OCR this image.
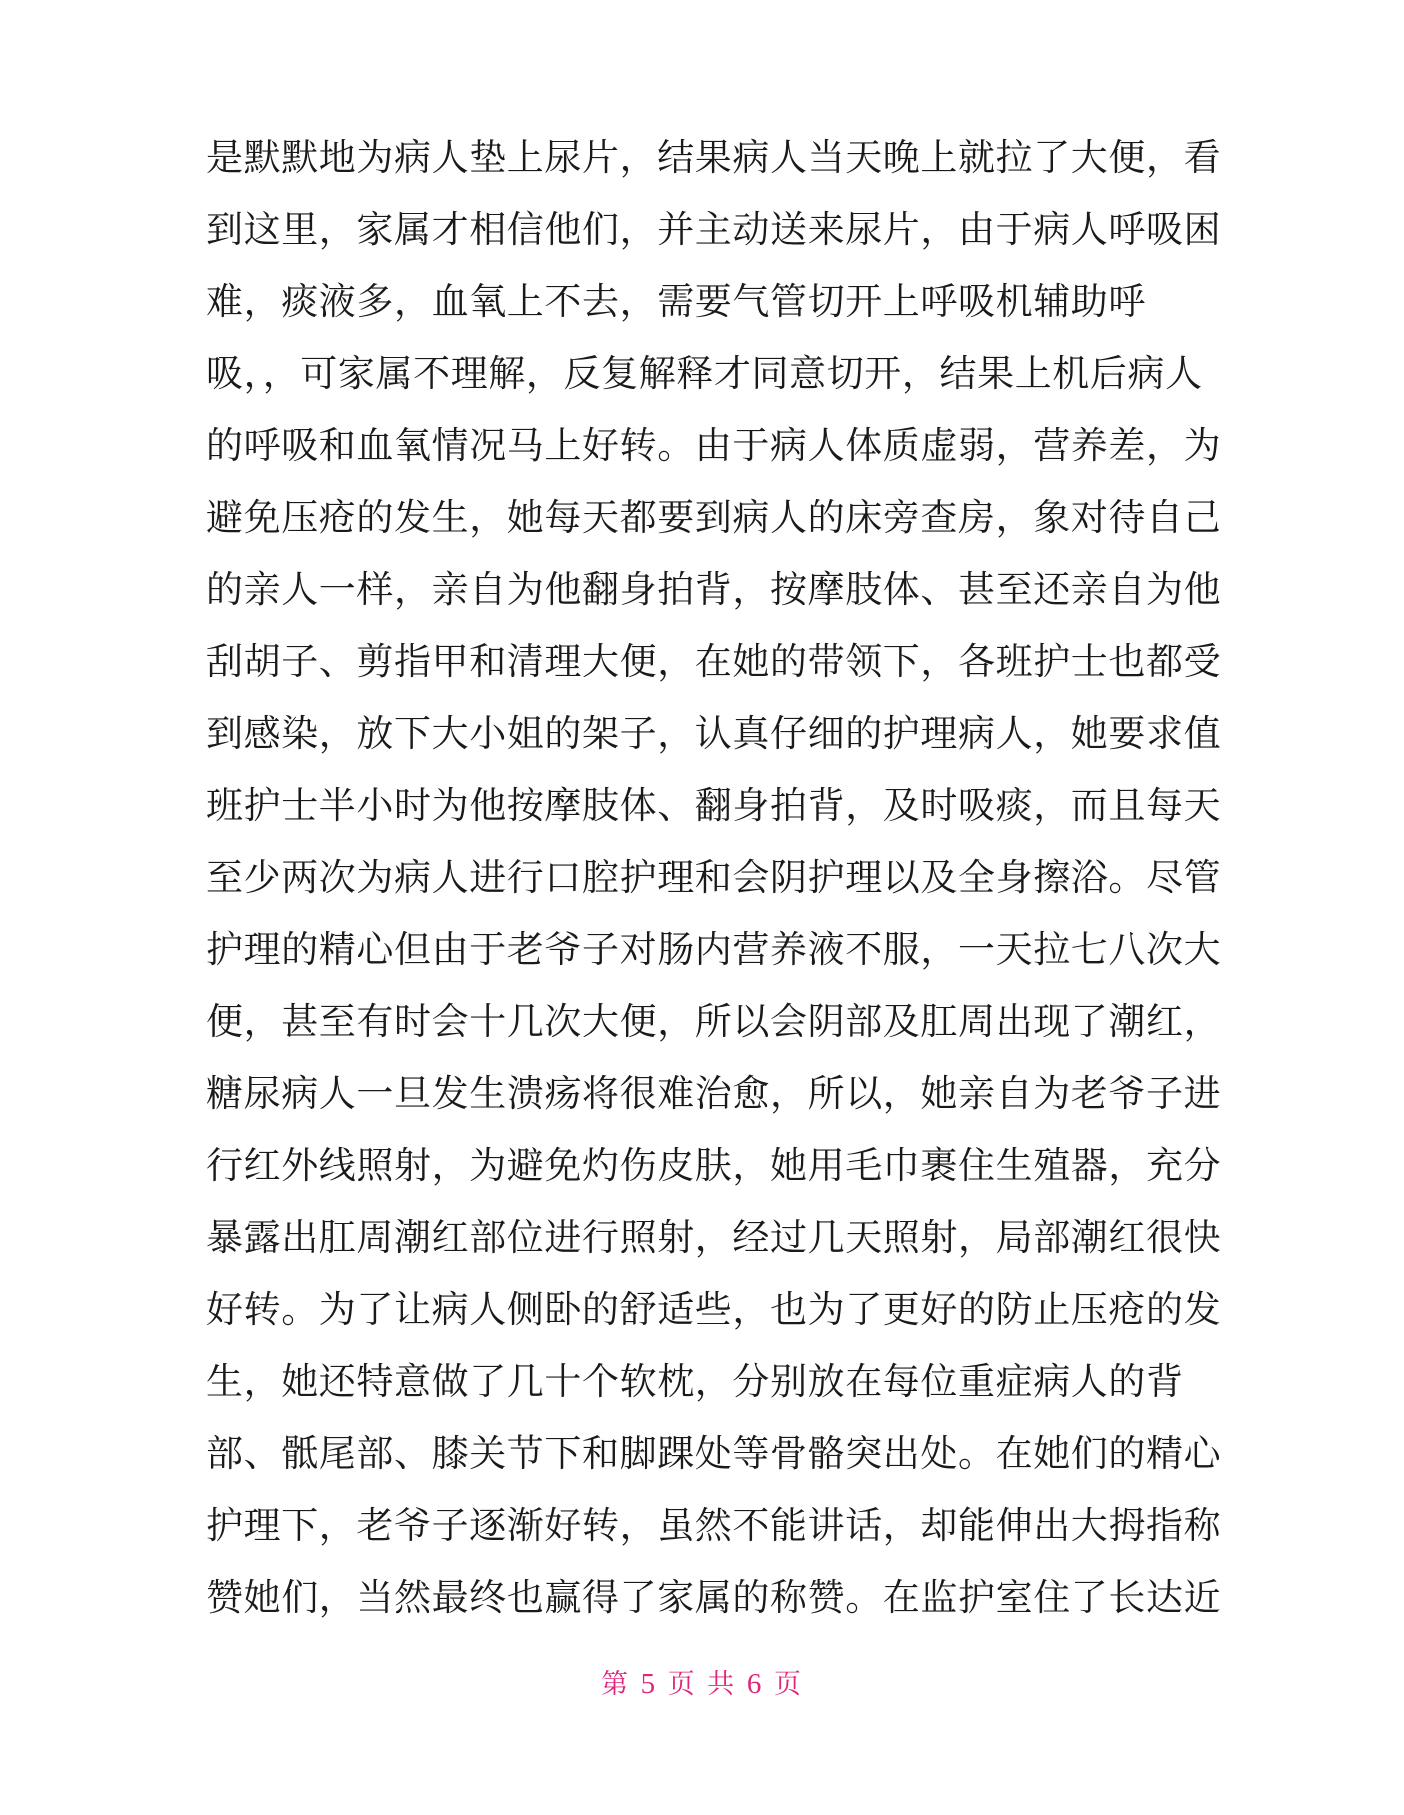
是默默地为病人垫上尿片，结果病人当天晚上就拉了大便，看
到这里，家属才相信他们，并主动送来尿片，由于病人呼吸困
难，痰液多，血氧上不去，需要气管切开上呼吸机辅助呼
吸，，可家属不理解，反复解释才同意切开，结果上机后病人
的呼吸和血氧情况马上好转。由于病人体质虚弱，营养差，为
避免压疮的发生，她每天都要到病人的床旁查房，象对待自己
的亲人一样，亲自为他翻身拍背，按摩肢体、甚至还亲自为他
刮胡子、剪指甲和清理大便，在她的带领下，各班护士也都受
到感染，放下大小姐的架子，认真仔细的护理病人，她要求值
班护士半小时为他按摩肢体、翻身拍背，及时吸痰，而且每天
至少两次为病人进行口腔护理和会阴护理以及全身擦浴。尽管
护理的精心但由于老爷子对肠内营养液不服，一天拉七八次大
便，甚至有时会十几次大便，所以会阴部及肛周出现了潮红，
糖尿病人一旦发生溃疡将很难治愈，所以，她亲自为老爷子进
行红外线照射，为避免灼伤皮肤，她用毛巾裹住生殖器，充分
暴露出肛周潮红部位进行照射，经过几天照射，局部潮红很快
好转。为了让病人侧卧的舒适些，也为了更好的防止压疮的发
生，她还特意做了几十个软枕，分别放在每位重症病人的背
部、骶尾部、膝关节下和脚踝处等骨骼突出处。在她们的精心
护理下，老爷子逐渐好转，虽然不能讲话，却能伸出大拇指称
赞她们，当然最终也赢得了家属的称赞。在监护室住了长达近
第 5 页 共 6 页
